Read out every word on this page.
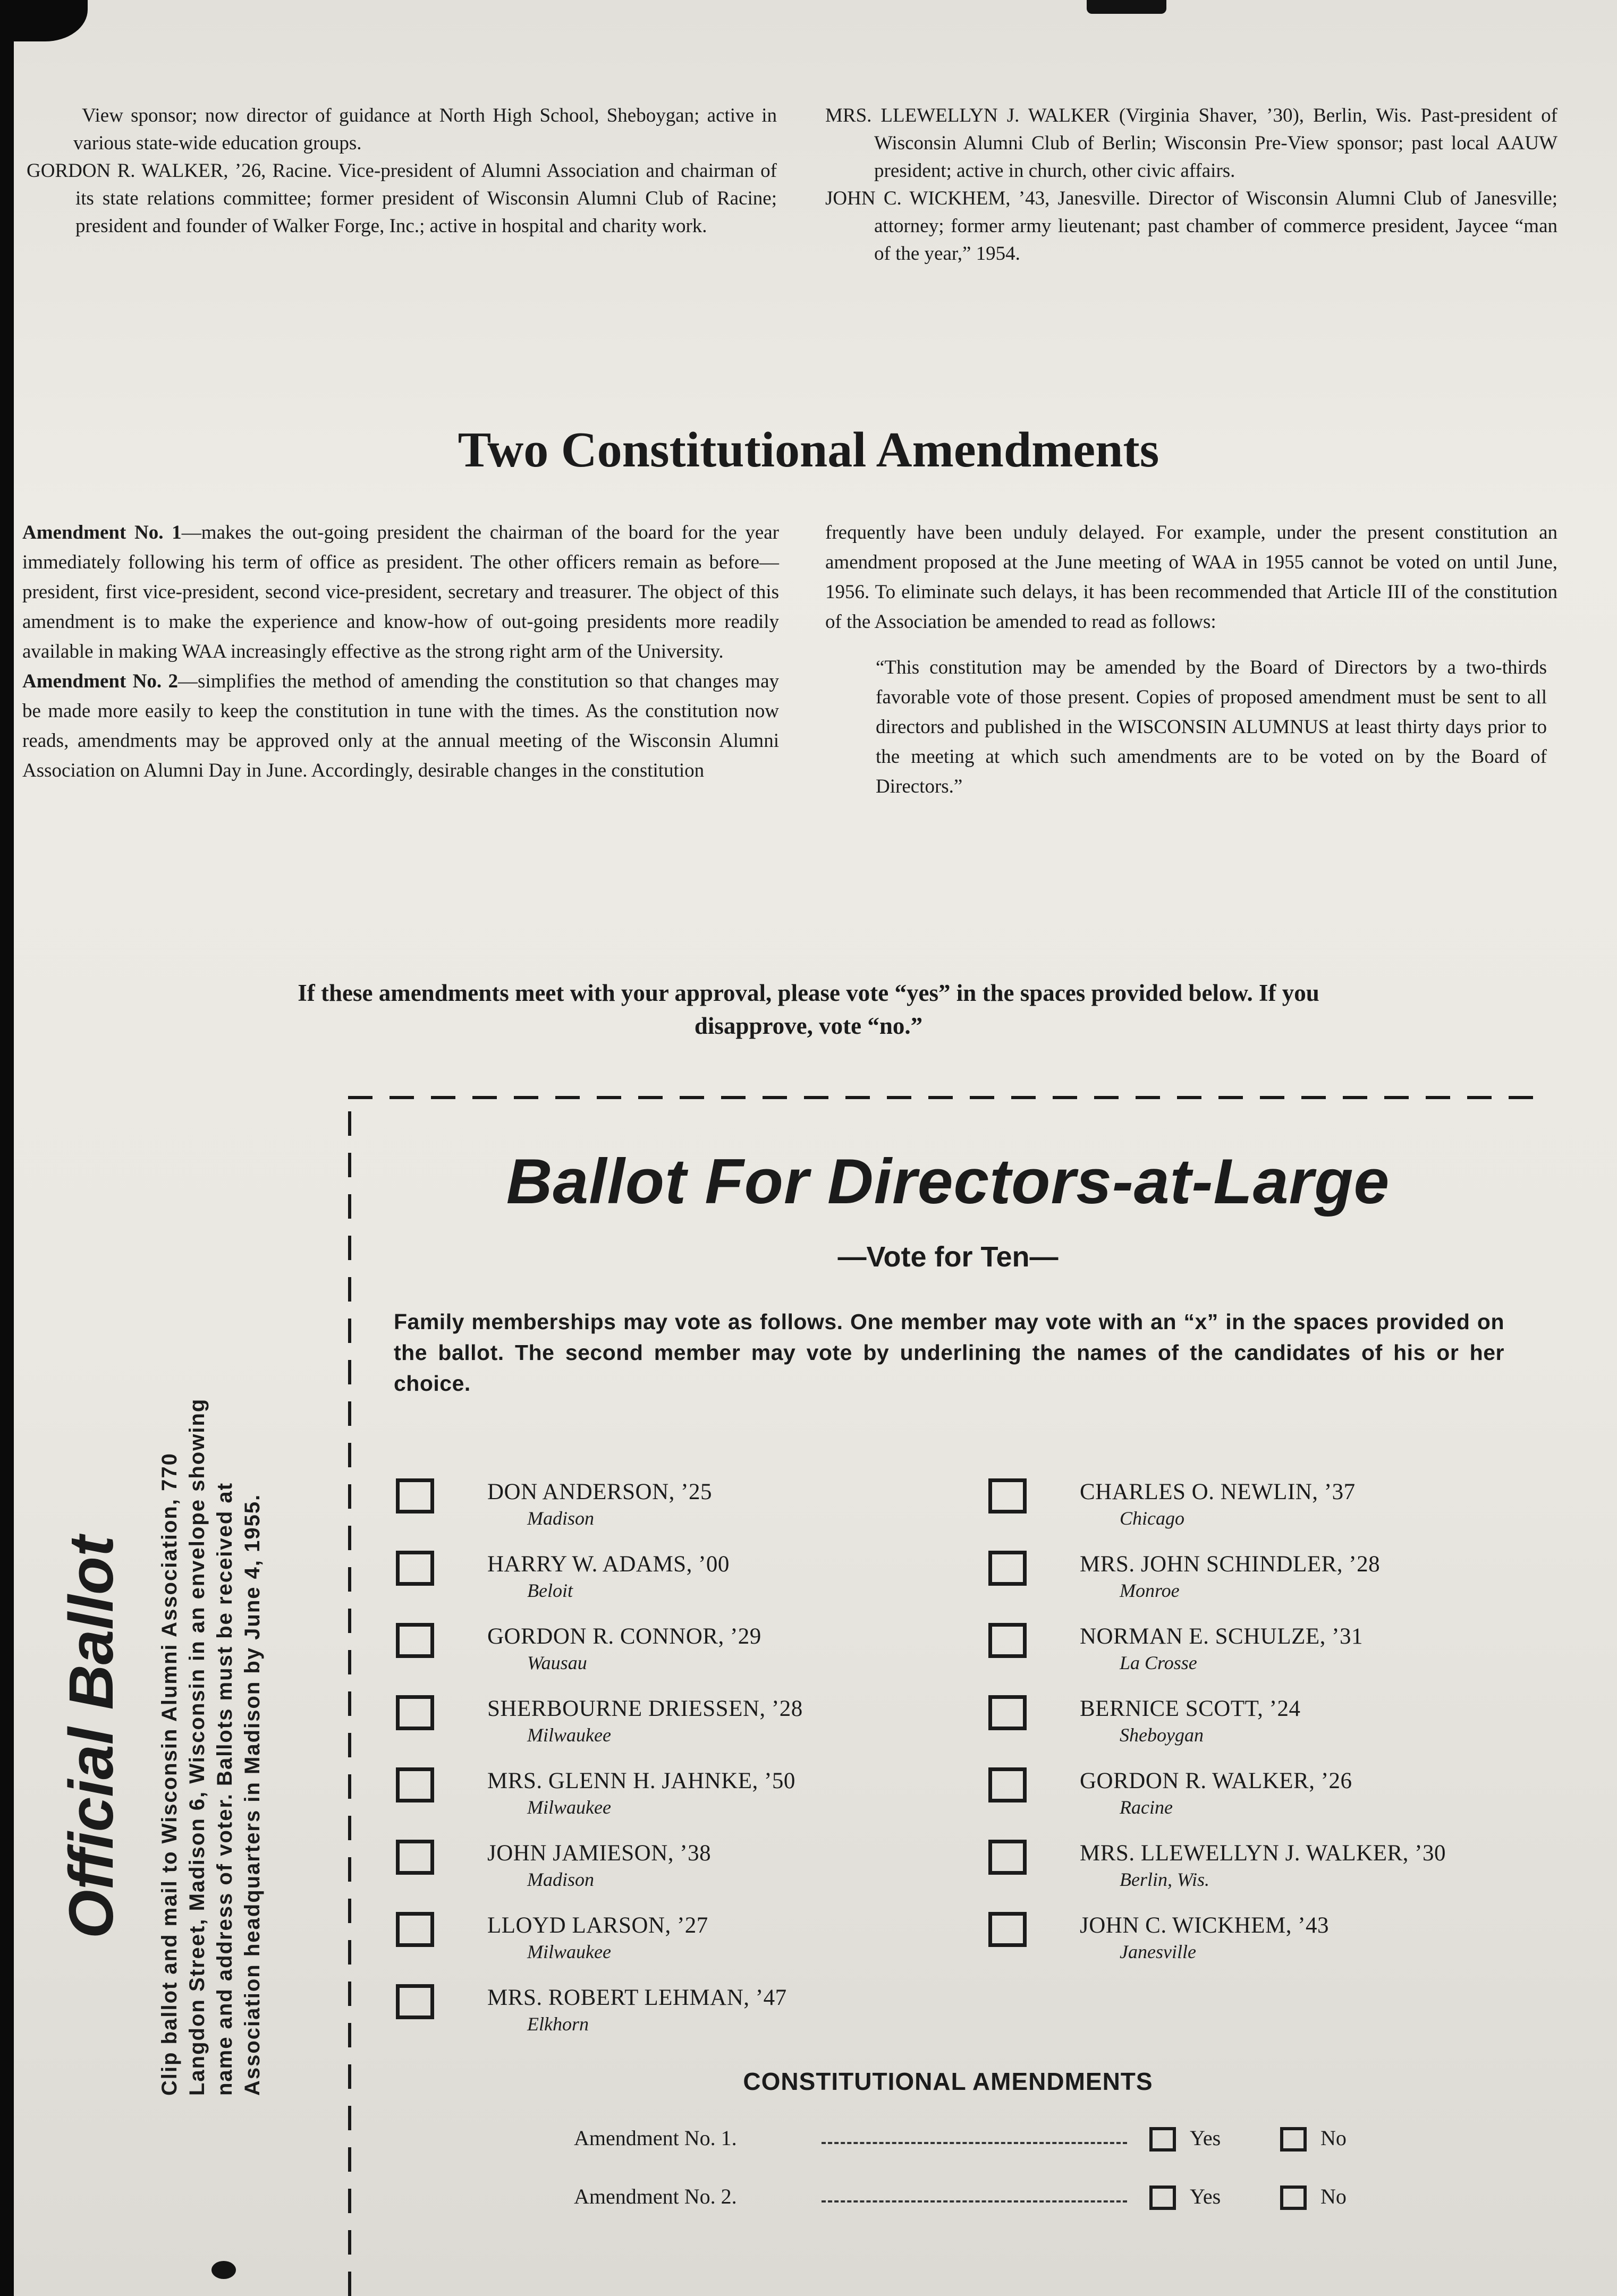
View sponsor; now director of guidance at North High School, Sheboygan; active in various state-wide education groups.

GORDON R. WALKER, ’26, Racine. Vice-president of Alumni Association and chairman of its state relations committee; former president of Wisconsin Alumni Club of Racine; president and founder of Walker Forge, Inc.; active in hospital and charity work.

MRS. LLEWELLYN J. WALKER (Virginia Shaver, ’30), Berlin, Wis. Past-president of Wisconsin Alumni Club of Berlin; Wisconsin Pre-View sponsor; past local AAUW president; active in church, other civic affairs.

JOHN C. WICKHEM, ’43, Janesville. Director of Wisconsin Alumni Club of Janesville; attorney; former army lieutenant; past chamber of commerce president, Jaycee “man of the year,” 1954.

Two Constitutional Amendments

Amendment No. 1—makes the out-going president the chairman of the board for the year immediately following his term of office as president. The other officers remain as before—president, first vice-president, second vice-president, secretary and treasurer. The object of this amendment is to make the experience and know-how of out-going presidents more readily available in making WAA increasingly effective as the strong right arm of the University.

Amendment No. 2—simplifies the method of amending the constitution so that changes may be made more easily to keep the constitution in tune with the times. As the constitution now reads, amendments may be approved only at the annual meeting of the Wisconsin Alumni Association on Alumni Day in June. Accordingly, desirable changes in the constitution

frequently have been unduly delayed. For example, under the present constitution an amendment proposed at the June meeting of WAA in 1955 cannot be voted on until June, 1956. To eliminate such delays, it has been recommended that Article III of the constitution of the Association be amended to read as follows:

“This constitution may be amended by the Board of Directors by a two-thirds favorable vote of those present. Copies of proposed amendment must be sent to all directors and published in the WISCONSIN ALUMNUS at least thirty days prior to the meeting at which such amendments are to be voted on by the Board of Directors.”

If these amendments meet with your approval, please vote “yes” in the spaces provided below. If you disapprove, vote “no.”
Official Ballot Clip ballot and mail to Wisconsin Alumni Association, 770 Langdon Street, Madison 6, Wisconsin in an envelope showing name and address of voter. Ballots must be received at Association headquarters in Madison by June 4, 1955.
Ballot For Directors-at-Large
—Vote for Ten—
Family memberships may vote as follows. One member may vote with an “x” in the spaces provided on the ballot. The second member may vote by underlining the names of the candidates of his or her choice.
DON ANDERSON, ’25
Madison
HARRY W. ADAMS, ’00
Beloit
GORDON R. CONNOR, ’29
Wausau
SHERBOURNE DRIESSEN, ’28
Milwaukee
MRS. GLENN H. JAHNKE, ’50
Milwaukee
JOHN JAMIESON, ’38
Madison
LLOYD LARSON, ’27
Milwaukee
MRS. ROBERT LEHMAN, ’47
Elkhorn
CHARLES O. NEWLIN, ’37
Chicago
MRS. JOHN SCHINDLER, ’28
Monroe
NORMAN E. SCHULZE, ’31
La Crosse
BERNICE SCOTT, ’24
Sheboygan
GORDON R. WALKER, ’26
Racine
MRS. LLEWELLYN J. WALKER, ’30
Berlin, Wis.
JOHN C. WICKHEM, ’43
Janesville
CONSTITUTIONAL AMENDMENTS
Amendment No. 1.	Yes	No
Amendment No. 2.	Yes	No
